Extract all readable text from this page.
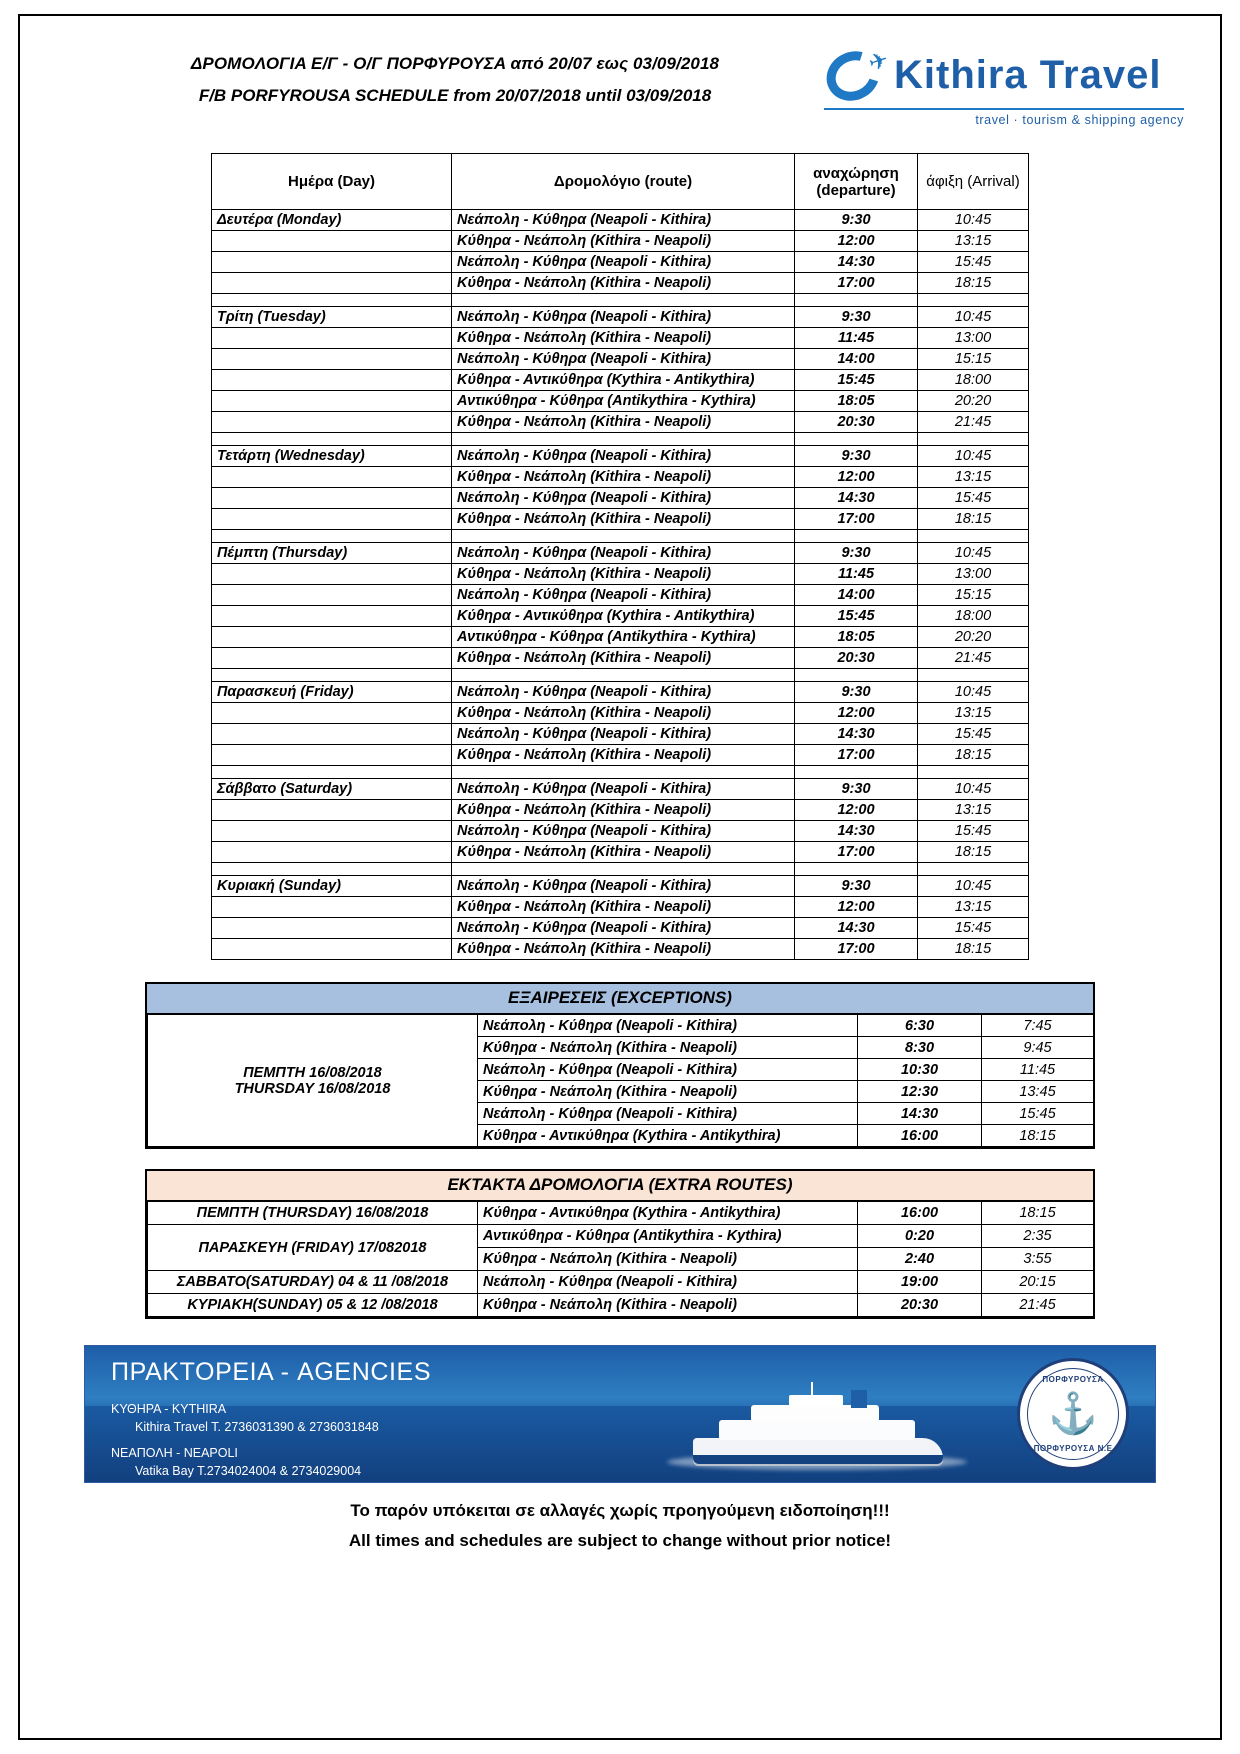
ΔΡΟΜΟΛΟΓΙΑ Ε/Γ - Ο/Γ ΠΟΡΦΥΡΟΥΣΑ από 20/07 εως 03/09/2018
F/B PORFYROUSA SCHEDULE from 20/07/2018 until 03/09/2018
✈ Kithira Travel
travel · tourism & shipping agency
Ημέρα (Day)	Δρομολόγιο (route)	αναχώρηση (departure)	άφιξη (Arrival)
Δευτέρα (Monday)	Νεάπολη - Κύθηρα (Neapoli - Kithira)	9:30	10:45
	Κύθηρα - Νεάπολη (Kithira - Neapoli)	12:00	13:15
	Νεάπολη - Κύθηρα (Neapoli - Kithira)	14:30	15:45
	Κύθηρα - Νεάπολη (Kithira - Neapoli)	17:00	18:15

Τρίτη (Tuesday)	Νεάπολη - Κύθηρα (Neapoli - Kithira)	9:30	10:45
	Κύθηρα - Νεάπολη (Kithira - Neapoli)	11:45	13:00
	Νεάπολη - Κύθηρα (Neapoli - Kithira)	14:00	15:15
	Κύθηρα - Αντικύθηρα (Kythira - Antikythira)	15:45	18:00
	Αντικύθηρα - Κύθηρα (Antikythira - Kythira)	18:05	20:20
	Κύθηρα - Νεάπολη (Kithira - Neapoli)	20:30	21:45

Τετάρτη (Wednesday)	Νεάπολη - Κύθηρα (Neapoli - Kithira)	9:30	10:45
	Κύθηρα - Νεάπολη (Kithira - Neapoli)	12:00	13:15
	Νεάπολη - Κύθηρα (Neapoli - Kithira)	14:30	15:45
	Κύθηρα - Νεάπολη (Kithira - Neapoli)	17:00	18:15

Πέμπτη (Thursday)	Νεάπολη - Κύθηρα (Neapoli - Kithira)	9:30	10:45
	Κύθηρα - Νεάπολη (Kithira - Neapoli)	11:45	13:00
	Νεάπολη - Κύθηρα (Neapoli - Kithira)	14:00	15:15
	Κύθηρα - Αντικύθηρα (Kythira - Antikythira)	15:45	18:00
	Αντικύθηρα - Κύθηρα (Antikythira - Kythira)	18:05	20:20
	Κύθηρα - Νεάπολη (Kithira - Neapoli)	20:30	21:45

Παρασκευή (Friday)	Νεάπολη - Κύθηρα (Neapoli - Kithira)	9:30	10:45
	Κύθηρα - Νεάπολη (Kithira - Neapoli)	12:00	13:15
	Νεάπολη - Κύθηρα (Neapoli - Kithira)	14:30	15:45
	Κύθηρα - Νεάπολη (Kithira - Neapoli)	17:00	18:15

Σάββατο (Saturday)	Νεάπολη - Κύθηρα (Neapoli - Kithira)	9:30	10:45
	Κύθηρα - Νεάπολη (Kithira - Neapoli)	12:00	13:15
	Νεάπολη - Κύθηρα (Neapoli - Kithira)	14:30	15:45
	Κύθηρα - Νεάπολη (Kithira - Neapoli)	17:00	18:15

Κυριακή (Sunday)	Νεάπολη - Κύθηρα (Neapoli - Kithira)	9:30	10:45
	Κύθηρα - Νεάπολη (Kithira - Neapoli)	12:00	13:15
	Νεάπολη - Κύθηρα (Neapoli - Kithira)	14:30	15:45
	Κύθηρα - Νεάπολη (Kithira - Neapoli)	17:00	18:15
ΕΞΑΙΡΕΣΕΙΣ (EXCEPTIONS)
ΠΕΜΠΤΗ 16/08/2018
THURSDAY 16/08/2018	Νεάπολη - Κύθηρα (Neapoli - Kithira)	6:30	7:45
	Κύθηρα - Νεάπολη (Kithira - Neapoli)	8:30	9:45
	Νεάπολη - Κύθηρα (Neapoli - Kithira)	10:30	11:45
	Κύθηρα - Νεάπολη (Kithira - Neapoli)	12:30	13:45
	Νεάπολη - Κύθηρα (Neapoli - Kithira)	14:30	15:45
	Κύθηρα - Αντικύθηρα (Kythira - Antikythira)	16:00	18:15
ΕΚΤΑΚΤΑ ΔΡΟΜΟΛΟΓΙΑ (EXTRA ROUTES)
ΠΕΜΠΤΗ (THURSDAY) 16/08/2018	Κύθηρα - Αντικύθηρα (Kythira - Antikythira)	16:00	18:15
ΠΑΡΑΣΚΕΥΗ (FRIDAY) 17/082018	Αντικύθηρα - Κύθηρα (Antikythira - Kythira)	0:20	2:35
	Κύθηρα - Νεάπολη (Kithira - Neapoli)	2:40	3:55
ΣΑΒΒΑΤΟ(SATURDAY) 04 & 11 /08/2018	Νεάπολη - Κύθηρα (Neapoli - Kithira)	19:00	20:15
ΚΥΡΙΑΚΗ(SUNDAY) 05 & 12 /08/2018	Κύθηρα - Νεάπολη (Kithira - Neapoli)	20:30	21:45
ΠΡΑΚΤΟΡΕΙΑ - AGENCIES
ΚΥΘΗΡΑ - KYTHIRA
Kithira Travel T. 2736031390 & 2736031848
ΝΕΑΠΟΛΗ - NEAPOLI
Vatika Bay T.2734024004 & 2734029004
ΠΟΡΦΥΡΟΥΣΑ
⚓
ΠΟΡΦΥΡΟΥΣΑ Ν.Ε
Το παρόν υπόκειται σε αλλαγές χωρίς προηγούμενη ειδοποίηση!!!
All times and schedules are subject to change without prior notice!
